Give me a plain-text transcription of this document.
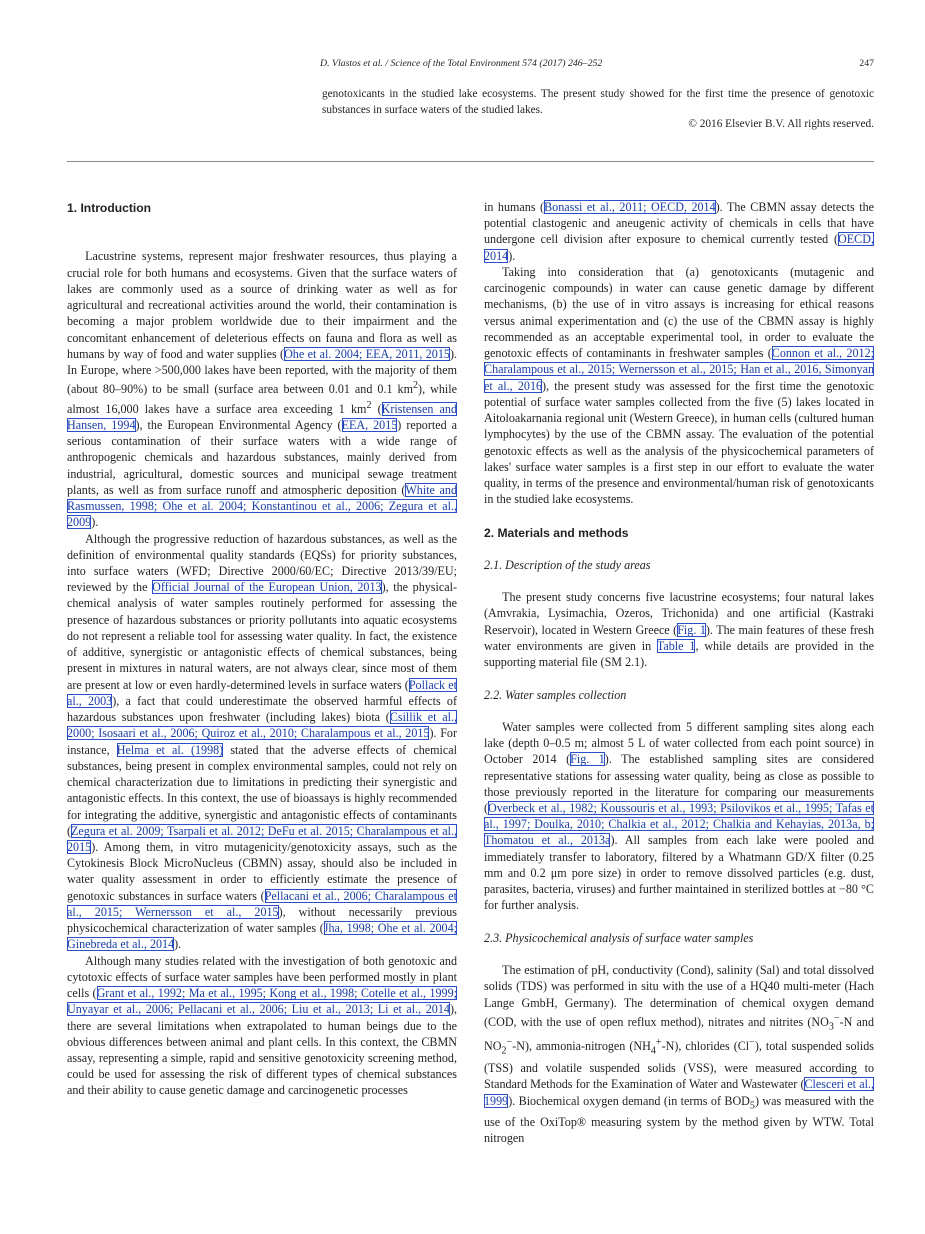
D. Vlastos et al. / Science of the Total Environment 574 (2017) 246–252	247

genotoxicants in the studied lake ecosystems. The present study showed for the first time the presence of genotoxic substances in surface waters of the studied lakes.

© 2016 Elsevier B.V. All rights reserved.
1. Introduction

Lacustrine systems, represent major freshwater resources, thus playing a crucial role for both humans and ecosystems. Given that the surface waters of lakes are commonly used as a source of drinking water as well as for agricultural and recreational activities around the world, their contamination is becoming a major problem worldwide due to their impairment and the concomitant enhancement of deleterious effects on fauna and flora as well as humans by way of food and water supplies (Ohe et al. 2004; EEA, 2011, 2015). In Europe, where >500,000 lakes have been reported, with the majority of them (about 80–90%) to be small (surface area between 0.01 and 0.1 $km^2$), while almost 16,000 lakes have a surface area exceeding 1 $km^2$ (Kristensen and Hansen, 1994), the European Environmental Agency (EEA, 2015) reported a serious contamination of their surface waters with a wide range of anthropogenic chemicals and hazardous substances, mainly derived from industrial, agricultural, domestic sources and municipal sewage treatment plants, as well as from surface runoff and atmospheric deposition (White and Rasmussen, 1998; Ohe et al. 2004; Konstantinou et al., 2006; Zegura et al., 2009).

Although the progressive reduction of hazardous substances, as well as the definition of environmental quality standards (EQSs) for priority substances, into surface waters (WFD; Directive 2000/60/EC; Directive 2013/39/EU; reviewed by the Official Journal of the European Union, 2013), the physical-chemical analysis of water samples routinely performed for assessing the presence of hazardous substances or priority pollutants into aquatic ecosystems do not represent a reliable tool for assessing water quality. In fact, the existence of additive, synergistic or antagonistic effects of chemical substances, being present in mixtures in natural waters, are not always clear, since most of them are present at low or even hardly-determined levels in surface waters (Pollack et al., 2003), a fact that could underestimate the observed harmful effects of hazardous substances upon freshwater (including lakes) biota (Csillik et al., 2000; Isosaari et al., 2006; Quiroz et al., 2010; Charalampous et al., 2015). For instance, Helma et al. (1998) stated that the adverse effects of chemical substances, being present in complex environmental samples, could not rely on chemical characterization due to limitations in predicting their synergistic and antagonistic effects. In this context, the use of bioassays is highly recommended for integrating the additive, synergistic and antagonistic effects of contaminants (Zegura et al. 2009; Tsarpali et al. 2012; DeFu et al. 2015; Charalampous et al., 2015). Among them, in vitro mutagenicity/genotoxicity assays, such as the Cytokinesis Block MicroNucleus (CBMN) assay, should also be included in water quality assessment in order to efficiently estimate the presence of genotoxic substances in surface waters (Pellacani et al., 2006; Charalampous et al., 2015; Wernersson et al., 2015), without necessarily previous physicochemical characterization of water samples (Jha, 1998; Ohe et al. 2004; Ginebreda et al., 2014).

Although many studies related with the investigation of both genotoxic and cytotoxic effects of surface water samples have been performed mostly in plant cells (Grant et al., 1992; Ma et al., 1995; Kong et al., 1998; Cotelle et al., 1999; Unyayar et al., 2006; Pellacani et al., 2006; Liu et al., 2013; Li et al., 2014), there are several limitations when extrapolated to human beings due to the obvious differences between animal and plant cells. In this context, the CBMN assay, representing a simple, rapid and sensitive genotoxicity screening method, could be used for assessing the risk of different types of chemical substances and their ability to cause genetic damage and carcinogenetic processes

in humans (Bonassi et al., 2011; OECD, 2014). The CBMN assay detects the potential clastogenic and aneugenic activity of chemicals in cells that have undergone cell division after exposure to chemical currently tested (OECD, 2014).

Taking into consideration that (a) genotoxicants (mutagenic and carcinogenic compounds) in water can cause genetic damage by different mechanisms, (b) the use of in vitro assays is increasing for ethical reasons versus animal experimentation and (c) the use of the CBMN assay is highly recommended as an acceptable experimental tool, in order to evaluate the genotoxic effects of contaminants in freshwater samples (Connon et al., 2012; Charalampous et al., 2015; Wernersson et al., 2015; Han et al., 2016, Simonyan et al., 2016), the present study was assessed for the first time the genotoxic potential of surface water samples collected from the five (5) lakes located in Aitoloakarnania regional unit (Western Greece), in human cells (cultured human lymphocytes) by the use of the CBMN assay. The evaluation of the potential genotoxic effects as well as the analysis of the physicochemical parameters of lakes' surface water samples is a first step in our effort to evaluate the water quality, in terms of the presence and environmental/human risk of genotoxicants in the studied lake ecosystems.

2. Materials and methods
2.1. Description of the study areas

The present study concerns five lacustrine ecosystems; four natural lakes (Amvrakia, Lysimachia, Ozeros, Trichonida) and one artificial (Kastraki Reservoir), located in Western Greece (Fig. 1). The main features of these fresh water environments are given in Table 1, while details are provided in the supporting material file (SM 2.1).

2.2. Water samples collection

Water samples were collected from 5 different sampling sites along each lake (depth 0–0.5 m; almost 5 L of water collected from each point source) in October 2014 (Fig. 1). The established sampling sites are considered representative stations for assessing water quality, being as close as possible to those previously reported in the literature for comparing our measurements (Overbeck et al., 1982; Koussouris et al., 1993; Psilovikos et al., 1995; Tafas et al., 1997; Doulka, 2010; Chalkia et al., 2012; Chalkia and Kehayias, 2013a, b; Thomatou et al., 2013a). All samples from each lake were pooled and immediately transfer to laboratory, filtered by a Whatmann GD/X filter (0.25 mm and 0.2 μm pore size) in order to remove dissolved particles (e.g. dust, parasites, bacteria, viruses) and further maintained in sterilized bottles at −80 °C for further analysis.

2.3. Physicochemical analysis of surface water samples

The estimation of pH, conductivity (Cond), salinity (Sal) and total dissolved solids (TDS) was performed in situ with the use of a HQ40 multi-meter (Hach Lange GmbH, Germany). The determination of chemical oxygen demand (COD, with the use of open reflux method), nitrates and nitrites ($NO_3^--N$ and $NO_2^--N$), ammonia-nitrogen $(NH_4^+-N)$, chlorides (Cl−), total suspended solids (TSS) and volatile suspended solids (VSS), were measured according to Standard Methods for the Examination of Water and Wastewater (Clesceri et al., 1999). Biochemical oxygen demand (in terms of $BOD_5$) was measured with the use of the OxiTop® measuring system by the method given by WTW. Total nitrogen
